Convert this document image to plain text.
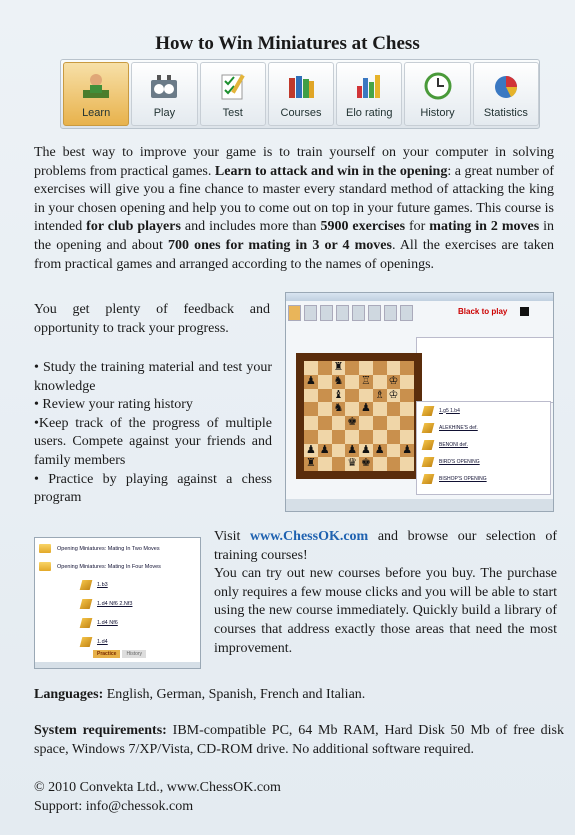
How to Win Miniatures at Chess
Learn	Play	Test	Courses Elo rating	History	Statistics

The best way to improve your game is to train yourself on your computer in solving problems from practical games. Learn to attack and win in the opening: a great number of exercises will give you a fine chance to master every standard method of attacking the king in your chosen opening and help you to come out on top in your future games. This course is intended for club players and includes more than 5900 exercises for mating in 2 moves in the opening and about 700 ones for mating in 3 or 4 moves. All the exercises are taken from practical games and arranged according to the names of openings.

You get plenty of feedback and opportunity to track your progress.

• Study the training material and test your knowledge

• Review your rating history

•Keep track of the progress of multiple users. Compete against your friends and family members

• Practice by playing against a chess program

Black to play
♜
♟ ♞ ♖ ♔
♝	♗ ♔
♞ ♟
♚
♟ ♟ ♟ ♟ ♟ ♟
♜	♛ ♚
1.g5 1.b4
ALEKHINE'S def.
BENONI def.
BIRD'S OPENING
BISHOP'S OPENING

Visit www.ChessOK.com and browse our selection of training courses!
You can try out new courses before you buy. The purchase only requires a few mouse clicks and you will be able to start using the new course immediately. Quickly build a library of courses that address exactly those areas that need the most improvement.

Opening Miniatures: Mating In Two Moves
Opening Miniatures: Mating In Four Moves
1.b3
1.d4 Nf6 2.Nf3
1.d4 Nf6
1.d4
Practice	History

Languages: English, German, Spanish, French and Italian.

System requirements: IBM-compatible PC, 64 Mb RAM, Hard Disk 50 Mb of free disk space, Windows 7/XP/Vista, CD-ROM drive. No additional software required.

© 2010 Convekta Ltd., www.ChessOK.com

Support: info@chessok.com
